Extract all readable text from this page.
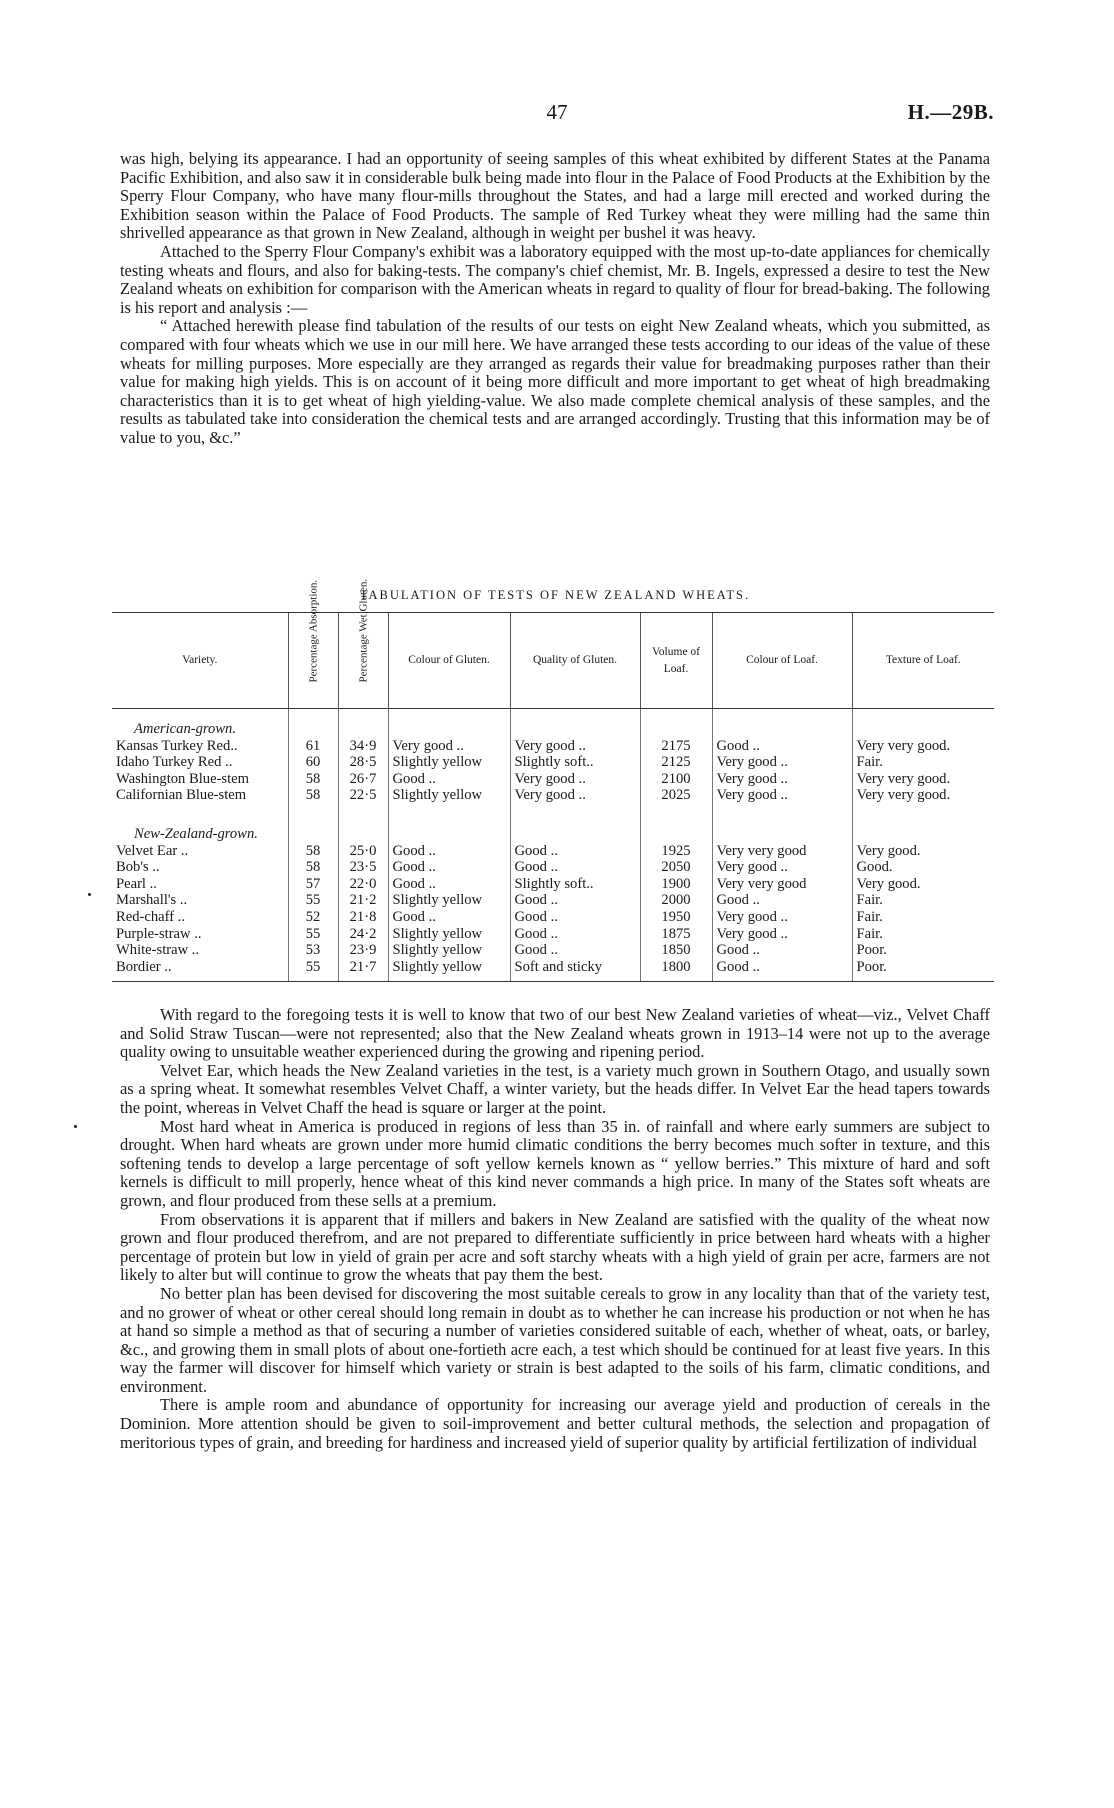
47	H.—29B.

was high, belying its appearance. I had an opportunity of seeing samples of this wheat exhibited by different States at the Panama Pacific Exhibition, and also saw it in considerable bulk being made into flour in the Palace of Food Products at the Exhibition by the Sperry Flour Company, who have many flour-mills throughout the States, and had a large mill erected and worked during the Exhibition season within the Palace of Food Products. The sample of Red Turkey wheat they were milling had the same thin shrivelled appearance as that grown in New Zealand, although in weight per bushel it was heavy.

Attached to the Sperry Flour Company's exhibit was a laboratory equipped with the most up-to-date appliances for chemically testing wheats and flours, and also for baking-tests. The company's chief chemist, Mr. B. Ingels, expressed a desire to test the New Zealand wheats on exhibition for comparison with the American wheats in regard to quality of flour for bread-baking. The following is his report and analysis :—

“ Attached herewith please find tabulation of the results of our tests on eight New Zealand wheats, which you submitted, as compared with four wheats which we use in our mill here. We have arranged these tests according to our ideas of the value of these wheats for milling purposes. More especially are they arranged as regards their value for breadmaking purposes rather than their value for making high yields. This is on account of it being more difficult and more important to get wheat of high breadmaking characteristics than it is to get wheat of high yielding-value. We also made complete chemical analysis of these samples, and the results as tabulated take into consideration the chemical tests and are arranged accordingly. Trusting that this information may be of value to you, &c.”

TABULATION OF TESTS OF NEW ZEALAND WHEATS.
Variety.	Percentage Absorption.	Percentage Wet Gluten.	Colour of Gluten.	Quality of Gluten.	Volume of Loaf.	Colour of Loaf.	Texture of Loaf.
American-grown.							
Kansas Turkey Red..	61	34·9	Very good ..	Very good ..	2175	Good ..	Very very good.
Idaho Turkey Red ..	60	28·5	Slightly yellow	Slightly soft..	2125	Very good ..	Fair.
Washington Blue-stem	58	26·7	Good ..	Very good ..	2100	Very good ..	Very very good.
Californian Blue-stem	58	22·5	Slightly yellow	Very good ..	2025	Very good ..	Very very good.

New-Zealand-grown.							
Velvet Ear ..	58	25·0	Good ..	Good ..	1925	Very very good	Very good.
Bob's ..	58	23·5	Good ..	Good ..	2050	Very good ..	Good.
Pearl ..	57	22·0	Good ..	Slightly soft..	1900	Very very good	Very good.
Marshall's ..	55	21·2	Slightly yellow	Good ..	2000	Good ..	Fair.
Red-chaff ..	52	21·8	Good ..	Good ..	1950	Very good ..	Fair.
Purple-straw ..	55	24·2	Slightly yellow	Good ..	1875	Very good ..	Fair.
White-straw ..	53	23·9	Slightly yellow	Good ..	1850	Good ..	Poor.
Bordier ..	55	21·7	Slightly yellow	Soft and sticky	1800	Good ..	Poor.

With regard to the foregoing tests it is well to know that two of our best New Zealand varieties of wheat—viz., Velvet Chaff and Solid Straw Tuscan—were not represented; also that the New Zealand wheats grown in 1913–14 were not up to the average quality owing to unsuitable weather experienced during the growing and ripening period.

Velvet Ear, which heads the New Zealand varieties in the test, is a variety much grown in Southern Otago, and usually sown as a spring wheat. It somewhat resembles Velvet Chaff, a winter variety, but the heads differ. In Velvet Ear the head tapers towards the point, whereas in Velvet Chaff the head is square or larger at the point.

Most hard wheat in America is produced in regions of less than 35 in. of rainfall and where early summers are subject to drought. When hard wheats are grown under more humid climatic conditions the berry becomes much softer in texture, and this softening tends to develop a large percentage of soft yellow kernels known as “ yellow berries.” This mixture of hard and soft kernels is difficult to mill properly, hence wheat of this kind never commands a high price. In many of the States soft wheats are grown, and flour produced from these sells at a premium.

From observations it is apparent that if millers and bakers in New Zealand are satisfied with the quality of the wheat now grown and flour produced therefrom, and are not prepared to differentiate sufficiently in price between hard wheats with a higher percentage of protein but low in yield of grain per acre and soft starchy wheats with a high yield of grain per acre, farmers are not likely to alter but will continue to grow the wheats that pay them the best.

No better plan has been devised for discovering the most suitable cereals to grow in any locality than that of the variety test, and no grower of wheat or other cereal should long remain in doubt as to whether he can increase his production or not when he has at hand so simple a method as that of securing a number of varieties considered suitable of each, whether of wheat, oats, or barley, &c., and growing them in small plots of about one-fortieth acre each, a test which should be continued for at least five years. In this way the farmer will discover for himself which variety or strain is best adapted to the soils of his farm, climatic conditions, and environment.

There is ample room and abundance of opportunity for increasing our average yield and production of cereals in the Dominion. More attention should be given to soil-improvement and better cultural methods, the selection and propagation of meritorious types of grain, and breeding for hardiness and increased yield of superior quality by artificial fertilization of individual
